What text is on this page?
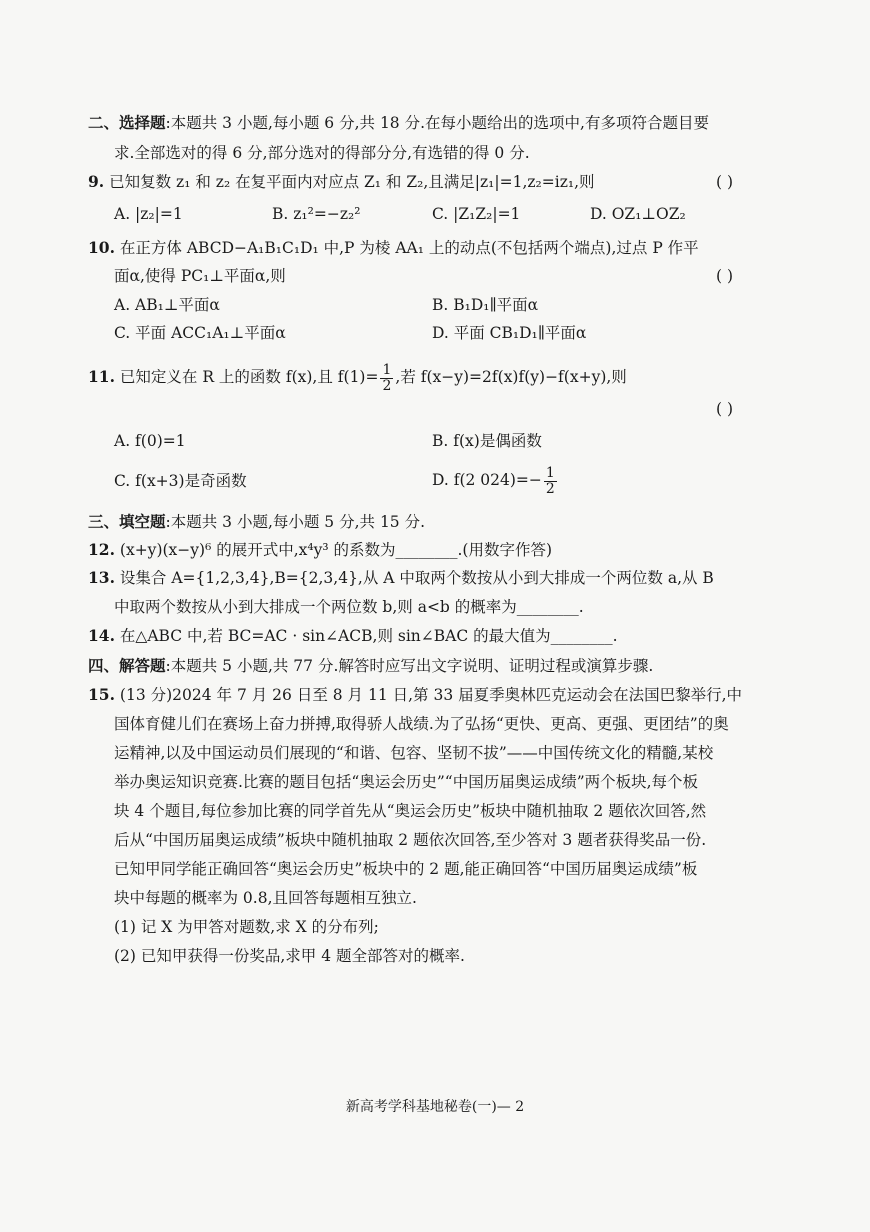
二、选择题:本题共 3 小题,每小题 6 分,共 18 分.在每小题给出的选项中,有多项符合题目要
求.全部选对的得 6 分,部分选对的得部分分,有选错的得 0 分.
9. 已知复数 z₁ 和 z₂ 在复平面内对应点 Z₁ 和 Z₂,且满足|z₁|=1,z₂=iz₁,则	( )
A. |z₂|=1	B. z₁²=−z₂²	C. |Z₁Z₂|=1	D. OZ₁⊥OZ₂
10. 在正方体 ABCD−A₁B₁C₁D₁ 中,P 为棱 AA₁ 上的动点(不包括两个端点),过点 P 作平
面α,使得 PC₁⊥平面α,则	( )
A. AB₁⊥平面α	B. B₁D₁∥平面α
C. 平面 ACC₁A₁⊥平面α	D. 平面 CB₁D₁∥平面α
11. 已知定义在 R 上的函数 f(x),且 $f(1)= \frac{1}{2}$ ,若 f(x−y)=2f(x)f(y)−f(x+y),则
( )
A. f(0)=1	B. f(x)是偶函数
C. f(x+3)是奇函数	D. f(2 $024)=- \frac{1}{2}$
三、填空题:本题共 3 小题,每小题 5 分,共 15 分.
12. (x+y)(x−y)⁶ 的展开式中,x⁴y³ 的系数为________.(用数字作答)
13. 设集合 A={1,2,3,4},B={2,3,4},从 A 中取两个数按从小到大排成一个两位数 a,从 B
中取两个数按从小到大排成一个两位数 b,则 a<b 的概率为________.
14. 在△ABC 中,若 BC=AC · sin∠ACB,则 sin∠BAC 的最大值为________.
四、解答题:本题共 5 小题,共 77 分.解答时应写出文字说明、证明过程或演算步骤.
15. (13 分)2024 年 7 月 26 日至 8 月 11 日,第 33 届夏季奥林匹克运动会在法国巴黎举行,中
国体育健儿们在赛场上奋力拼搏,取得骄人战绩.为了弘扬“更快、更高、更强、更团结”的奥
运精神,以及中国运动员们展现的“和谐、包容、坚韧不拔”——中国传统文化的精髓,某校
举办奥运知识竞赛.比赛的题目包括“奥运会历史”“中国历届奥运成绩”两个板块,每个板
块 4 个题目,每位参加比赛的同学首先从“奥运会历史”板块中随机抽取 2 题依次回答,然
后从“中国历届奥运成绩”板块中随机抽取 2 题依次回答,至少答对 3 题者获得奖品一份.
已知甲同学能正确回答“奥运会历史”板块中的 2 题,能正确回答“中国历届奥运成绩”板
块中每题的概率为 0.8,且回答每题相互独立.
(1) 记 X 为甲答对题数,求 X 的分布列;
(2) 已知甲获得一份奖品,求甲 4 题全部答对的概率.
新高考学科基地秘卷(一)— 2
